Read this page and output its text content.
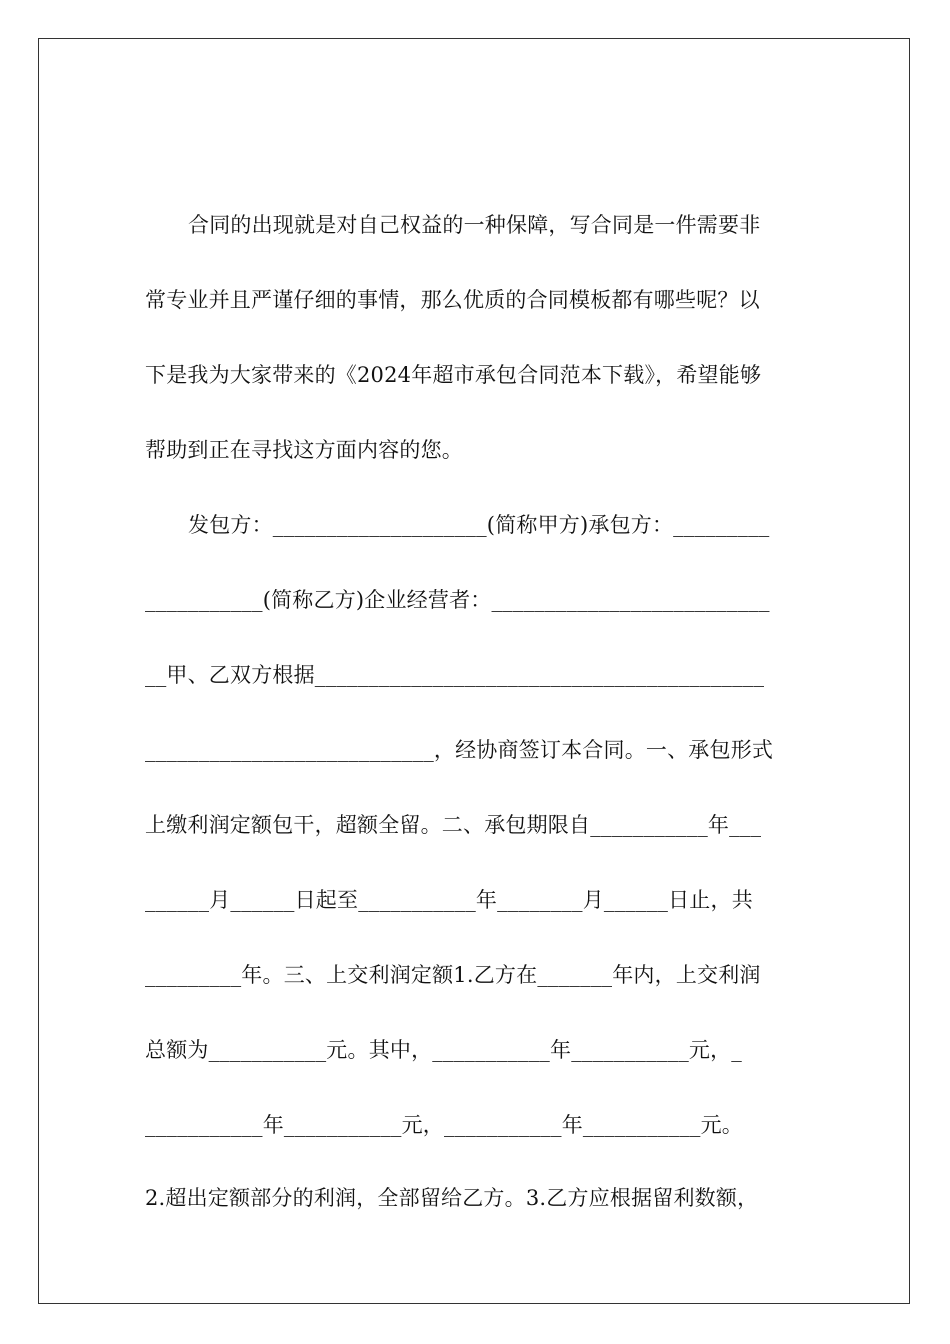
合同的出现就是对自己权益的一种保障，写合同是一件需要非
常专业并且严谨仔细的事情，那么优质的合同模板都有哪些呢？以
下是我为大家带来的《2024年超市承包合同范本下载》，希望能够
帮助到正在寻找这方面内容的您。
发包方：____________________(简称甲方)承包方：_________
___________(简称乙方)企业经营者：__________________________
__甲、乙双方根据__________________________________________
___________________________，经协商签订本合同。一、承包形式
上缴利润定额包干，超额全留。二、承包期限自___________年___
______月______日起至___________年________月______日止，共
_________年。三、上交利润定额1.乙方在_______年内，上交利润
总额为___________元。其中，___________年___________元，_
___________年___________元，___________年___________元。
2.超出定额部分的利润，全部留给乙方。3.乙方应根据留利数额，
